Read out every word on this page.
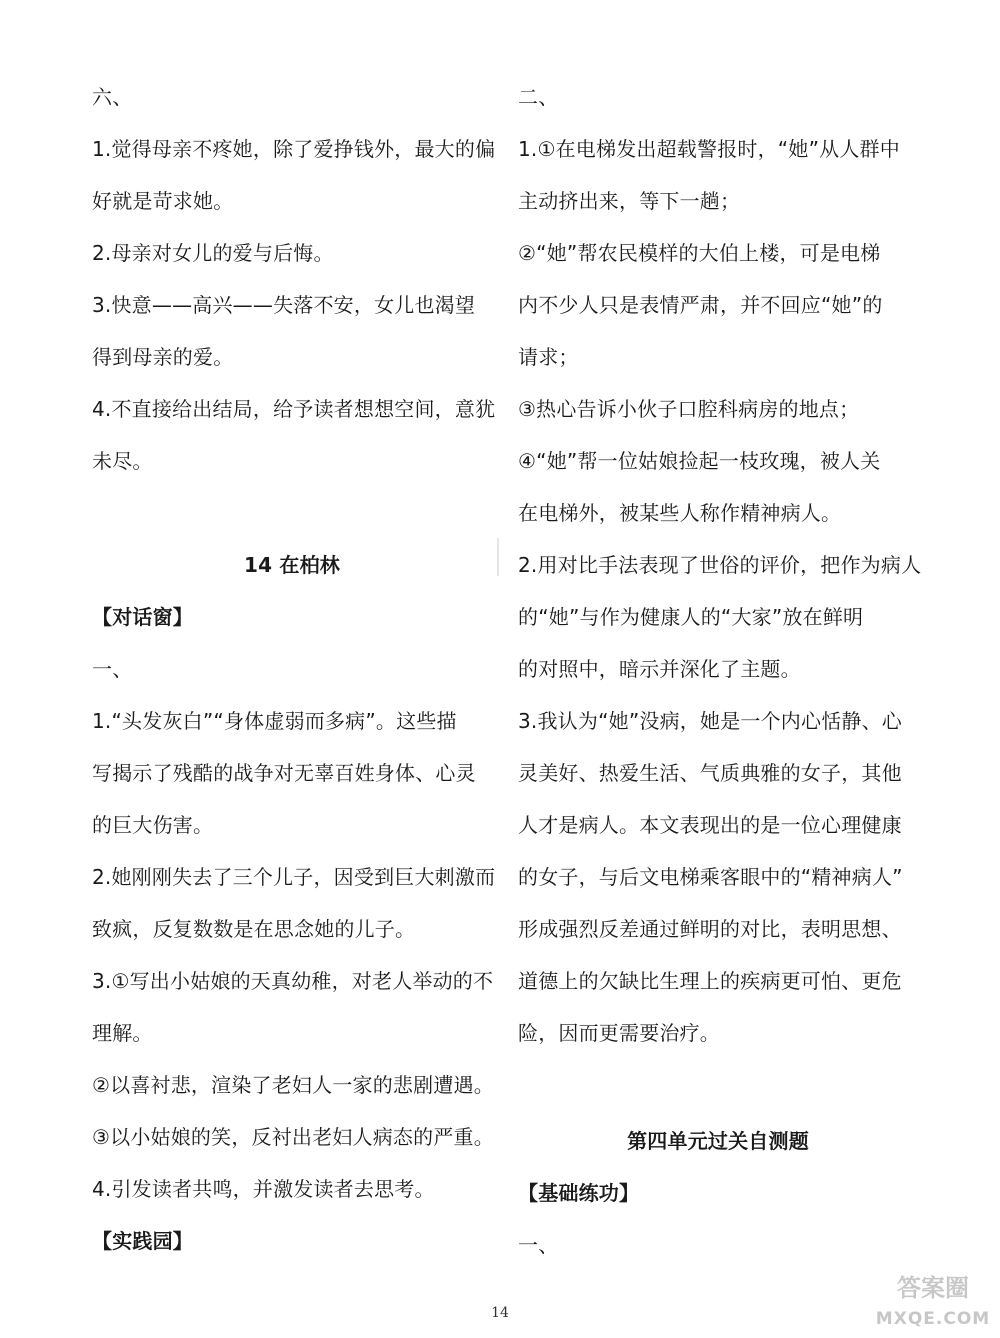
六、
1.觉得母亲不疼她，除了爱挣钱外，最大的偏
好就是苛求她。
2.母亲对女儿的爱与后悔。
3.快意——高兴——失落不安，女儿也渴望
得到母亲的爱。
4.不直接给出结局，给予读者想想空间，意犹
未尽。
14 在柏林
【对话窗】
一、
1.“头发灰白”“身体虚弱而多病”。这些描
写揭示了残酷的战争对无辜百姓身体、心灵
的巨大伤害。
2.她刚刚失去了三个儿子，因受到巨大刺激而
致疯，反复数数是在思念她的儿子。
3.①写出小姑娘的天真幼稚，对老人举动的不
理解。
②以喜衬悲，渲染了老妇人一家的悲剧遭遇。
③以小姑娘的笑，反衬出老妇人病态的严重。
4.引发读者共鸣，并激发读者去思考。
【实践园】
二、
1.①在电梯发出超载警报时，“她”从人群中
主动挤出来，等下一趟；
②“她”帮农民模样的大伯上楼，可是电梯
内不少人只是表情严肃，并不回应“她”的
请求；
③热心告诉小伙子口腔科病房的地点；
④“她”帮一位姑娘捡起一枝玫瑰，被人关
在电梯外，被某些人称作精神病人。
2.用对比手法表现了世俗的评价，把作为病人
的“她”与作为健康人的“大家”放在鲜明
的对照中，暗示并深化了主题。
3.我认为“她”没病，她是一个内心恬静、心
灵美好、热爱生活、气质典雅的女子，其他
人才是病人。本文表现出的是一位心理健康
的女子，与后文电梯乘客眼中的“精神病人”
形成强烈反差通过鲜明的对比，表明思想、
道德上的欠缺比生理上的疾病更可怕、更危
险，因而更需要治疗。
第四单元过关自测题
【基础练功】
一、
14
答案圈
MXQE.COM
